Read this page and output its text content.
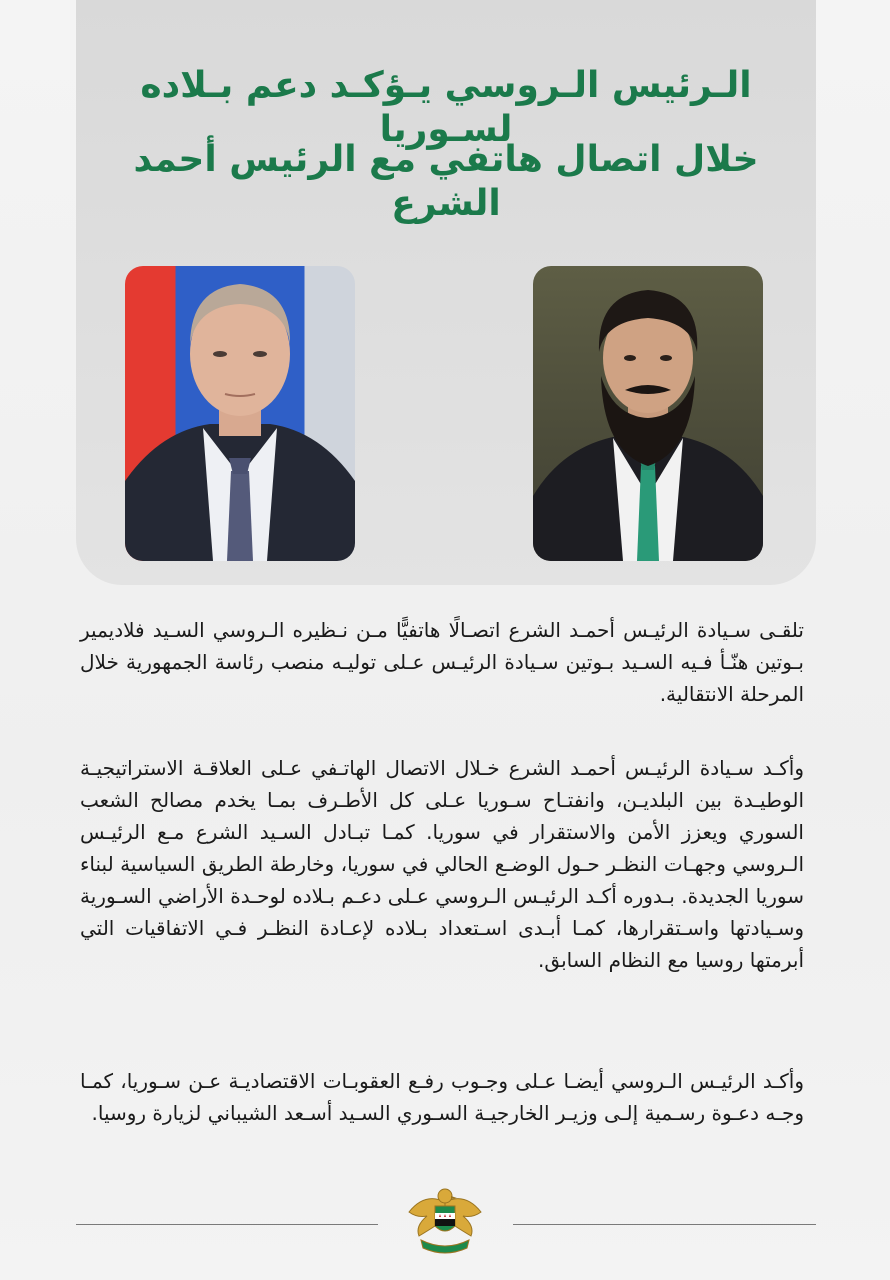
الـرئيس الـروسي يـؤكـد دعم بـلاده لسـوريا
خلال اتصال هاتفي مع الرئيس أحمد الشرع
تلقـى سـيادة الرئيـس أحمـد الشرع اتصـالًا هاتفيًّا مـن نـظيره الـروسي السـيد فلاديمير بـوتين هنّـأ فـيه السـيد بـوتين سـيادة الرئيـس عـلى توليـه منصب رئاسة الجمهورية خلال المرحلة الانتقالية.
وأكـد سـيادة الرئيـس أحمـد الشرع خـلال الاتصال الهاتـفي عـلى العلاقـة الاستراتيجيـة الوطيـدة بين البلديـن، وانفتـاح سـوريا عـلى كل الأطـرف بمـا يخدم مصالح الشعب السوري ويعزز الأمن والاستقرار في سوريا. كمـا تبـادل السـيد الشرع مـع الرئيـس الـروسي وجهـات النظـر حـول الوضـع الحالي في سوريا، وخارطة الطريق السياسية لبناء سوريا الجديدة. بـدوره أكـد الرئيـس الـروسي عـلى دعـم بـلاده لوحـدة الأراضي السـورية وسـيادتها واسـتقرارها، كمـا أبـدى اسـتعداد بـلاده لإعـادة النظـر فـي الاتفاقيات التي أبرمتها روسيا مع النظام السابق.
وأكـد الرئيـس الـروسي أيضـا عـلى وجـوب رفـع العقوبـات الاقتصاديـة عـن سـوريا، كمـا وجـه دعـوة رسـمية إلـى وزيـر الخارجيـة السـوري السـيد أسـعد الشيباني لزيارة روسيا.
